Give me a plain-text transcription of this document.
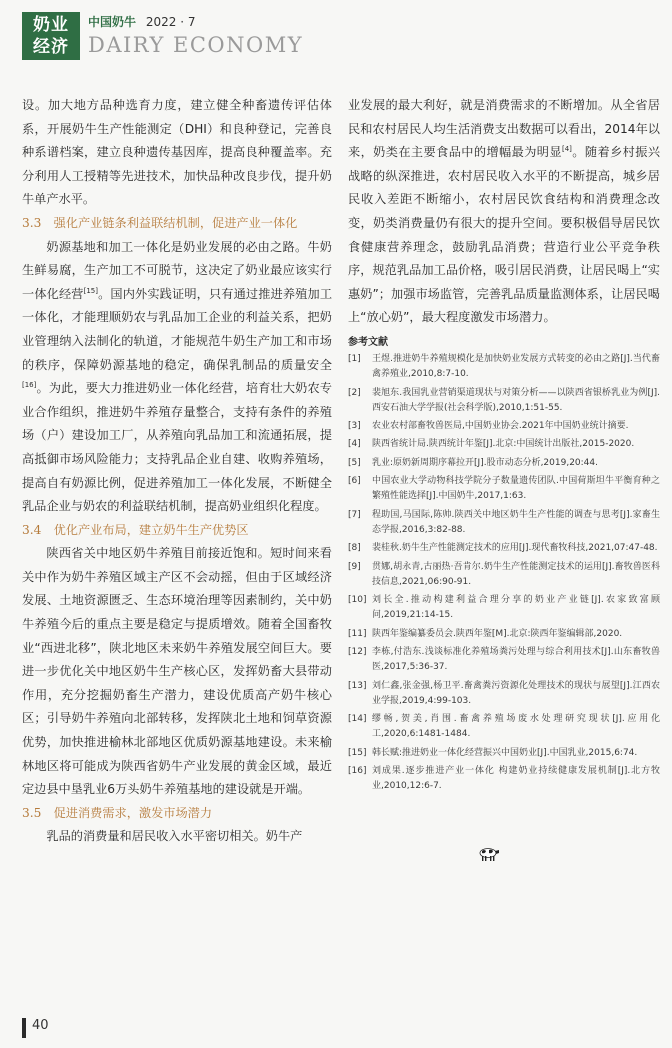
奶业
经济
中国奶牛 2022 · 7
DAIRY ECONOMY

设。加大地方品种选育力度，建立健全种畜遗传评估体系，开展奶牛生产性能测定（DHI）和良种登记，完善良种系谱档案，建立良种遗传基因库，提高良种覆盖率。充分利用人工授精等先进技术，加快品种改良步伐，提升奶牛单产水平。

3.3　强化产业链条利益联结机制，促进产业一体化

奶源基地和加工一体化是奶业发展的必由之路。牛奶生鲜易腐，生产加工不可脱节，这决定了奶业最应该实行一体化经营[15]。国内外实践证明，只有通过推进养殖加工一体化，才能理顺奶农与乳品加工企业的利益关系，把奶业管理纳入法制化的轨道，才能规范牛奶生产加工和市场的秩序，保障奶源基地的稳定，确保乳制品的质量安全[16]。为此，要大力推进奶业一体化经营，培育壮大奶农专业合作组织，推进奶牛养殖存量整合，支持有条件的养殖场（户）建设加工厂，从养殖向乳品加工和流通拓展，提高抵御市场风险能力；支持乳品企业自建、收购养殖场，提高自有奶源比例，促进养殖加工一体化发展，不断健全乳品企业与奶农的利益联结机制，提高奶业组织化程度。

3.4　优化产业布局，建立奶牛生产优势区

陕西省关中地区奶牛养殖目前接近饱和。短时间来看关中作为奶牛养殖区域主产区不会动摇，但由于区域经济发展、土地资源匮乏、生态环境治理等因素制约，关中奶牛养殖今后的重点主要是稳定与提质增效。随着全国畜牧业“西进北移”，陕北地区未来奶牛养殖发展空间巨大。要进一步优化关中地区奶牛生产核心区，发挥奶畜大县带动作用，充分挖掘奶畜生产潜力，建设优质高产奶牛核心区；引导奶牛养殖向北部转移，发挥陕北土地和饲草资源优势，加快推进榆林北部地区优质奶源基地建设。未来榆林地区将可能成为陕西省奶牛产业发展的黄金区域，最近定边县中垦乳业6万头奶牛养殖基地的建设就是开端。

3.5　促进消费需求，激发市场潜力

乳品的消费量和居民收入水平密切相关。奶牛产

业发展的最大利好，就是消费需求的不断增加。从全省居民和农村居民人均生活消费支出数据可以看出，2014年以来，奶类在主要食品中的增幅最为明显[4]。随着乡村振兴战略的纵深推进，农村居民收入水平的不断提高，城乡居民收入差距不断缩小，农村居民饮食结构和消费理念改变，奶类消费量仍有很大的提升空间。要积极倡导居民饮食健康营养理念，鼓励乳品消费；营造行业公平竞争秩序，规范乳品加工品价格，吸引居民消费，让居民喝上“实惠奶”；加强市场监管，完善乳品质量监测体系，让居民喝上“放心奶”，最大程度激发市场潜力。

参考文献
[1]	王煜.推进奶牛养殖规模化是加快奶业发展方式转变的必由之路[J].当代畜禽养殖业,2010,8:7-10.
[2]	裴旭东.我国乳业营销渠道现状与对策分析——以陕西省银桥乳业为例[J].西安石油大学学报(社会科学版),2010,1:51-55.
[3]	农业农村部畜牧兽医局,中国奶业协会.2021年中国奶业统计摘要.
[4]	陕西省统计局.陕西统计年鉴[J].北京:中国统计出版社,2015-2020.
[5]	乳业:原奶新周期序幕拉开[J].股市动态分析,2019,20:44.
[6]	中国农业大学动物科技学院分子数量遗传团队.中国荷斯坦牛平衡育种之繁殖性能选择[J].中国奶牛,2017,1:63.
[7]	程助国,马国际,陈帅.陕西关中地区奶牛生产性能的调查与思考[J].家畜生态学报,2016,3:82-88.
[8]	裴桂秋.奶牛生产性能测定技术的应用[J].现代畜牧科技,2021,07:47-48.
[9]	贯娜,胡永青,古丽热·吾肯尔.奶牛生产性能测定技术的运用[J].畜牧兽医科技信息,2021,06:90-91.
[10] 刘长全.推动构建利益合理分享的奶业产业链[J].农家致富顾问,2019,21:14-15.
[11] 陕西年鉴编纂委员会.陕西年鉴[M].北京:陕西年鉴编辑部,2020.
[12] 李栋,付浩东.浅谈标准化养殖场粪污处理与综合利用技术[J].山东畜牧兽医,2017,5:36-37.
[13] 刘仁鑫,张金强,杨卫平.畜禽粪污资源化处理技术的现状与展望[J].江西农业学报,2019,4:99-103.
[14] 缪畅,贺美,肖围.畜禽养殖场废水处理研究现状[J].应用化工,2020,6:1481-1484.
[15] 韩长赋:推进奶业一体化经营振兴中国奶业[J].中国乳业,2015,6:74.
[16] 刘成果.逐步推进产业一体化 构建奶业持续健康发展机制[J].北方牧业,2010,12:6-7.
40
